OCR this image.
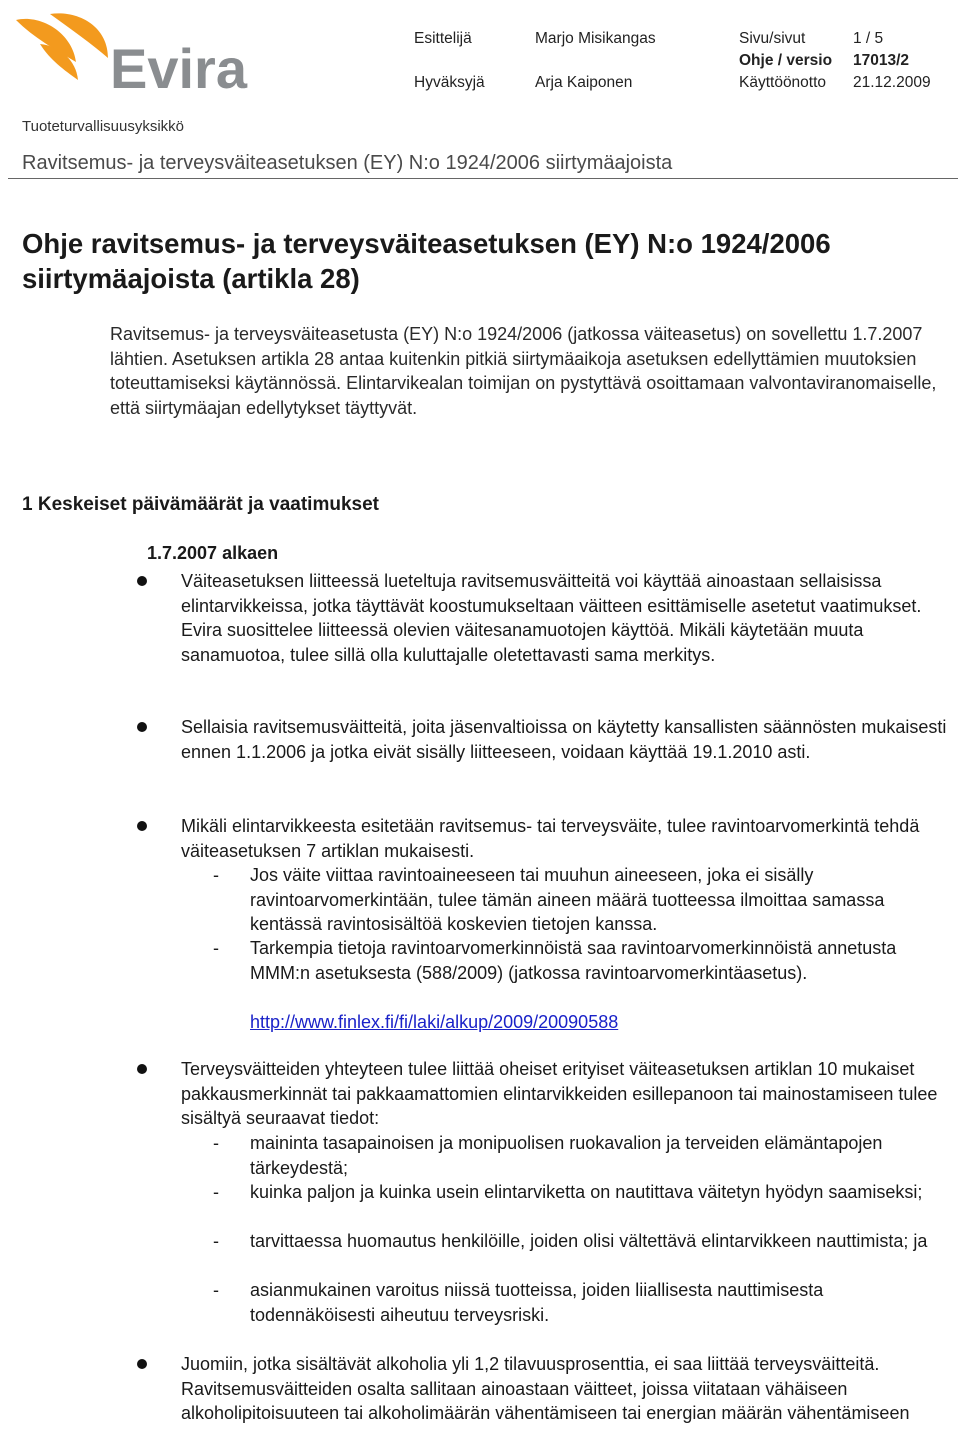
Evira	Esittelijä	Marjo Misikangas	Sivu/sivut	1 / 5
Ohje / versio 17013/2
Hyväksyjä	Arja Kaiponen	Käyttöönotto 21.12.2009
Tuoteturvallisuusyksikkö
Ravitsemus- ja terveysväiteasetuksen (EY) N:o 1924/2006 siirtymäajoista
Ohje ravitsemus- ja terveysväiteasetuksen (EY) N:o 1924/2006
siirtymäajoista (artikla 28)
Ravitsemus- ja terveysväiteasetusta (EY) N:o 1924/2006 (jatkossa väiteasetus) on sovellettu 1.7.2007 lähtien. Asetuksen artikla 28 antaa kuitenkin pitkiä siirtymäaikoja asetuksen edellyttämien muutoksien toteuttamiseksi käytännössä. Elintarvikealan toimijan on pystyttävä osoittamaan valvontaviranomaiselle, että siirtymäajan edellytykset täyttyvät.
1 Keskeiset päivämäärät ja vaatimukset
1.7.2007 alkaen
Väiteasetuksen liitteessä lueteltuja ravitsemusväitteitä voi käyttää ainoastaan sellaisissa elintarvikkeissa, jotka täyttävät koostumukseltaan väitteen esittämiselle asetetut vaatimukset. Evira suosittelee liitteessä olevien väitesanamuotojen käyttöä. Mikäli käytetään muuta sanamuotoa, tulee sillä olla kuluttajalle oletettavasti sama merkitys.
Sellaisia ravitsemusväitteitä, joita jäsenvaltioissa on käytetty kansallisten säännösten mukaisesti ennen 1.1.2006 ja jotka eivät sisälly liitteeseen, voidaan käyttää 19.1.2010 asti.
Mikäli elintarvikkeesta esitetään ravitsemus- tai terveysväite, tulee ravintoarvomerkintä tehdä väiteasetuksen 7 artiklan mukaisesti.
- Jos väite viittaa ravintoaineeseen tai muuhun aineeseen, joka ei sisälly ravintoarvomerkintään, tulee tämän aineen määrä tuotteessa ilmoittaa samassa kentässä ravintosisältöä koskevien tietojen kanssa.
- Tarkempia tietoja ravintoarvomerkinnöistä saa ravintoarvomerkinnöistä annetusta MMM:n asetuksesta (588/2009) (jatkossa ravintoarvomerkintäasetus).
http://www.finlex.fi/fi/laki/alkup/2009/20090588
Terveysväitteiden yhteyteen tulee liittää oheiset erityiset väiteasetuksen artiklan 10 mukaiset pakkausmerkinnät tai pakkaamattomien elintarvikkeiden esillepanoon tai mainostamiseen tulee sisältyä seuraavat tiedot:
- maininta tasapainoisen ja monipuolisen ruokavalion ja terveiden elämäntapojen tärkeydestä;
- kuinka paljon ja kuinka usein elintarviketta on nautittava väitetyn hyödyn saamiseksi;
- tarvittaessa huomautus henkilöille, joiden olisi vältettävä elintarvikkeen nauttimista; ja
- asianmukainen varoitus niissä tuotteissa, joiden liiallisesta nauttimisesta todennäköisesti aiheutuu terveysriski.
Juomiin, jotka sisältävät alkoholia yli 1,2 tilavuusprosenttia, ei saa liittää terveysväitteitä. Ravitsemusväitteiden osalta sallitaan ainoastaan väitteet, joissa viitataan vähäiseen alkoholipitoisuuteen tai alkoholimäärän vähentämiseen tai energian määrän vähentämiseen
